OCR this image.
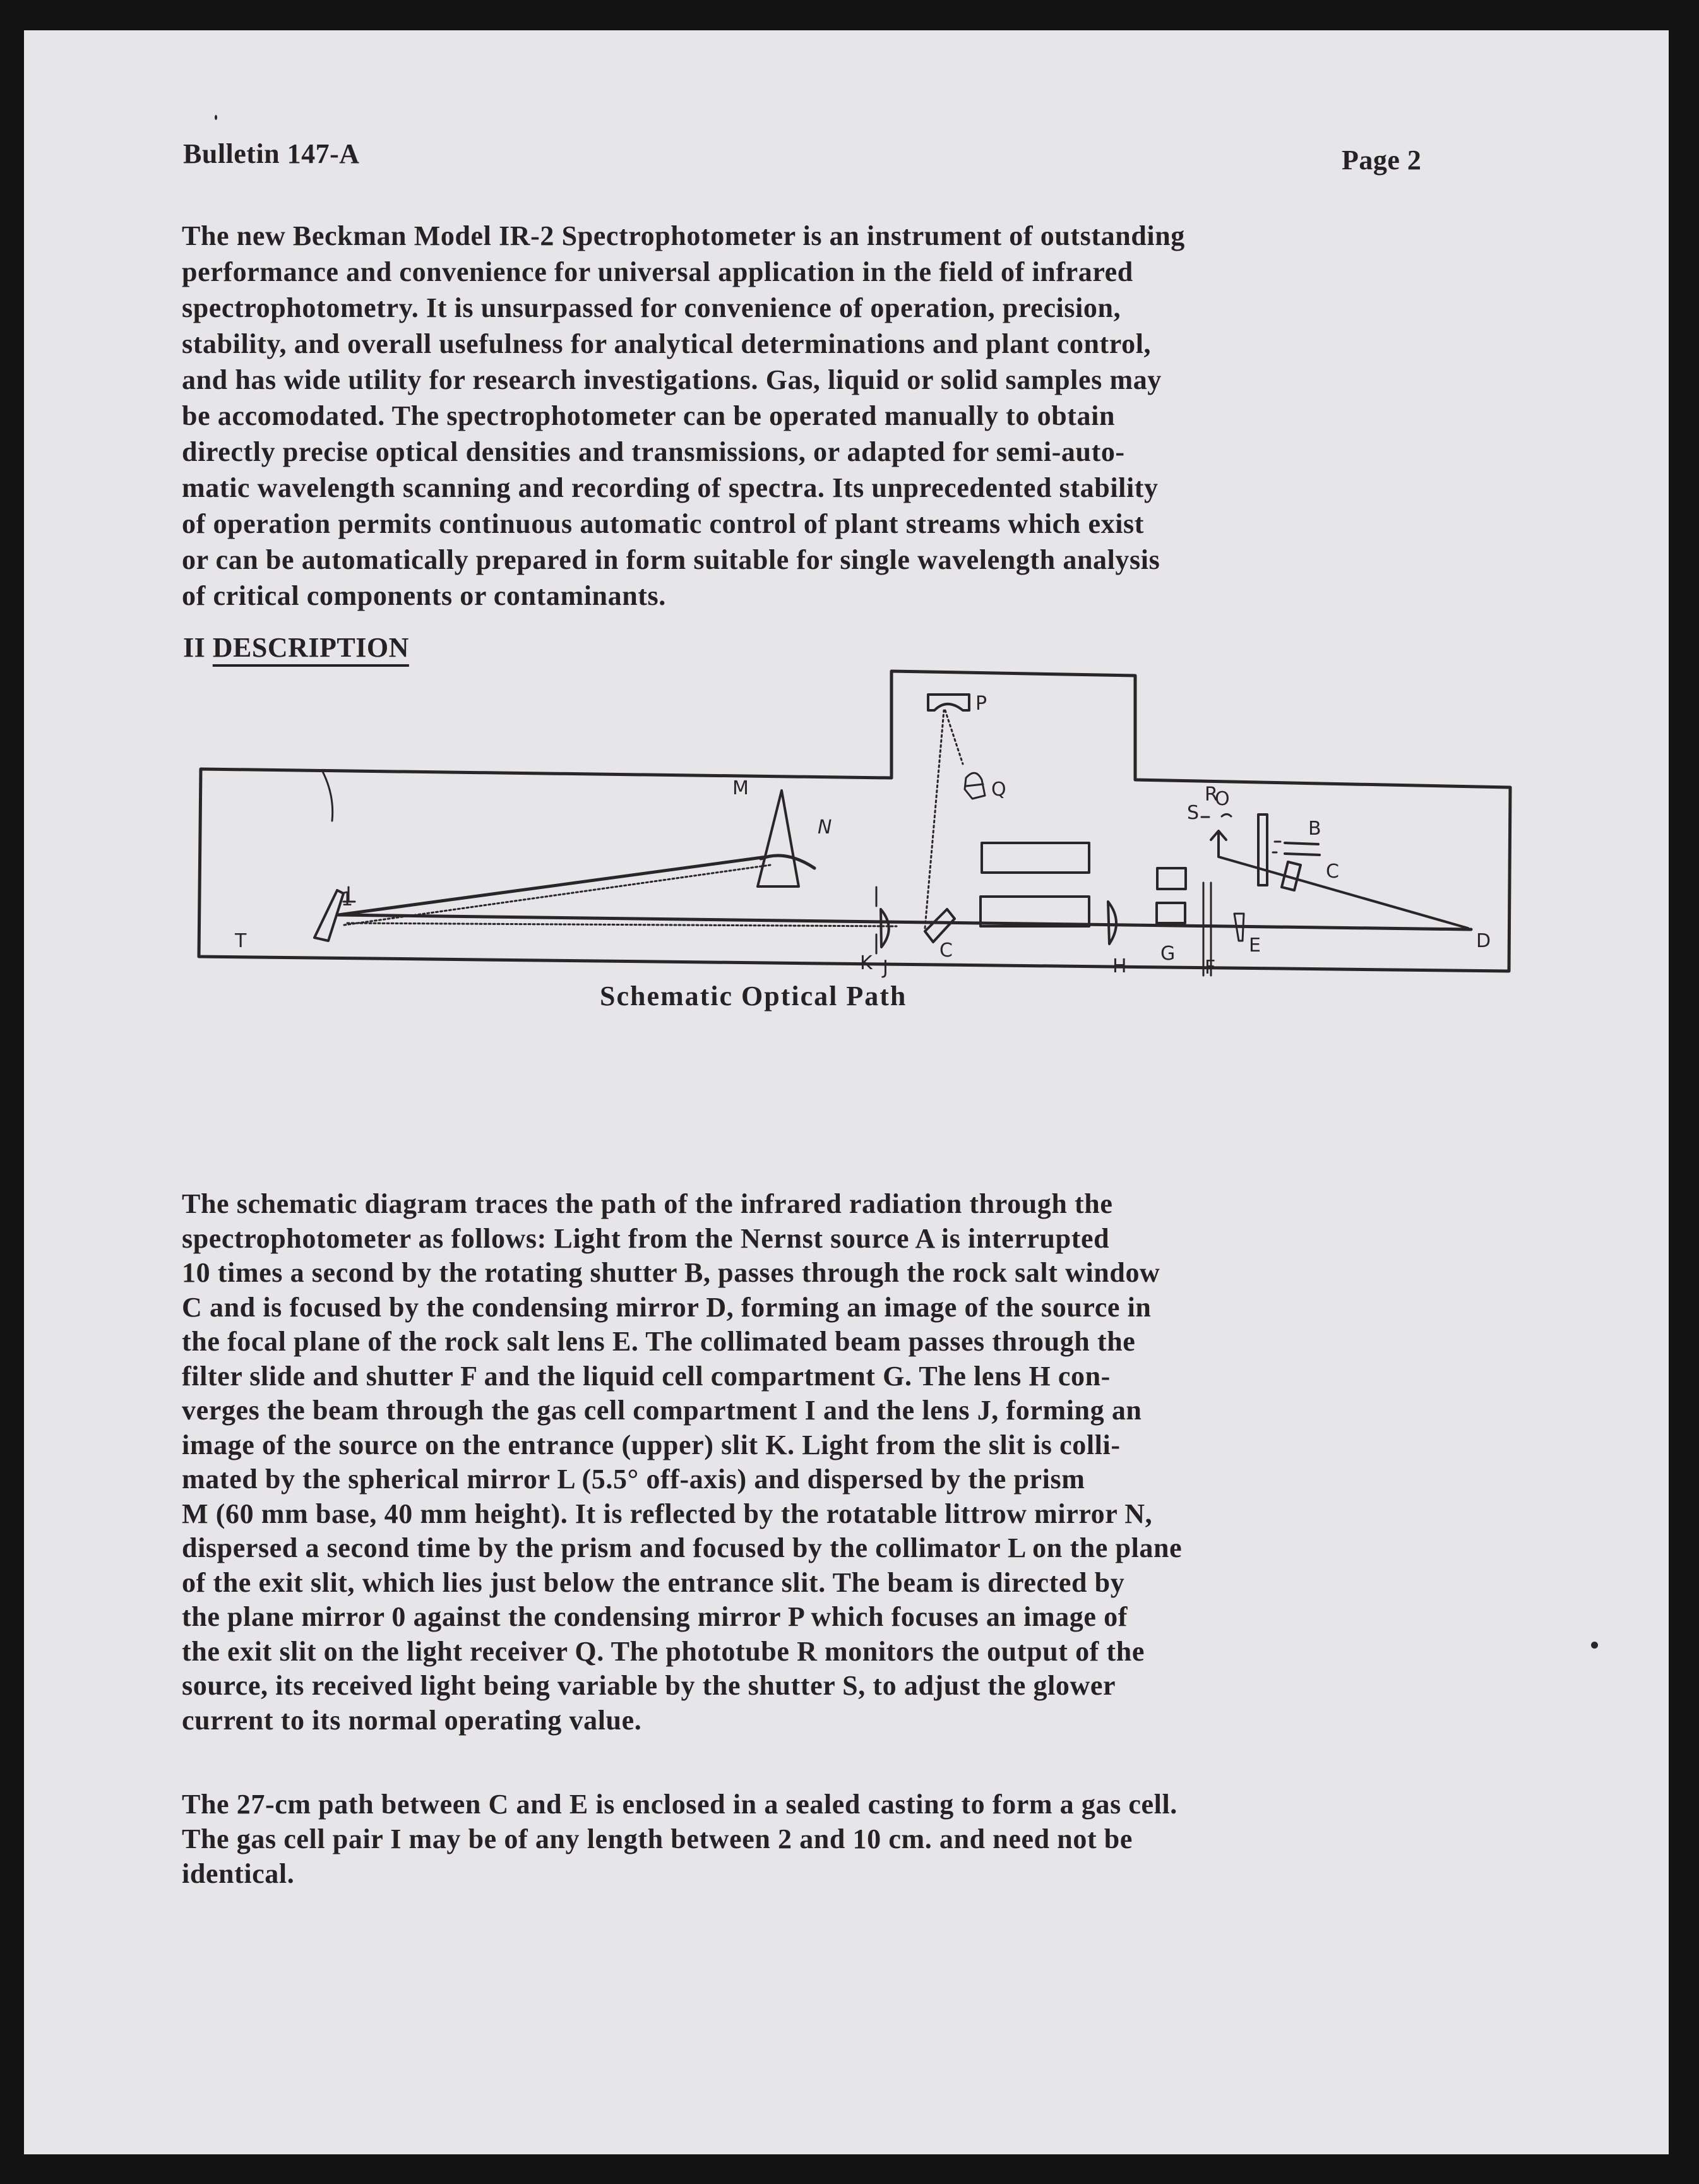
Bulletin 147-A	Page 2
The new Beckman Model IR-2 Spectrophotometer is an instrument of outstanding
performance and convenience for universal application in the field of infrared
spectrophotometry. It is unsurpassed for convenience of operation, precision,
stability, and overall usefulness for analytical determinations and plant control,
and has wide utility for research investigations. Gas, liquid or solid samples may
be accomodated. The spectrophotometer can be operated manually to obtain
directly precise optical densities and transmissions, or adapted for semi-auto-
matic wavelength scanning and recording of spectra. Its unprecedented stability
of operation permits continuous automatic control of plant streams which exist
or can be automatically prepared in form suitable for single wavelength analysis
of critical components or contaminants.
II DESCRIPTION
T
1
M
N
P
Q
K J
C
H
G
F
E	D
S
R
O
B
C
Schematic Optical Path
The schematic diagram traces the path of the infrared radiation through the
spectrophotometer as follows: Light from the Nernst source A is interrupted
10 times a second by the rotating shutter B, passes through the rock salt window
C and is focused by the condensing mirror D, forming an image of the source in
the focal plane of the rock salt lens E. The collimated beam passes through the
filter slide and shutter F and the liquid cell compartment G. The lens H con-
verges the beam through the gas cell compartment I and the lens J, forming an
image of the source on the entrance (upper) slit K. Light from the slit is colli-
mated by the spherical mirror L (5.5° off-axis) and dispersed by the prism
M (60 mm base, 40 mm height). It is reflected by the rotatable littrow mirror N,
dispersed a second time by the prism and focused by the collimator L on the plane
of the exit slit, which lies just below the entrance slit. The beam is directed by
the plane mirror 0 against the condensing mirror P which focuses an image of
the exit slit on the light receiver Q. The phototube R monitors the output of the
source, its received light being variable by the shutter S, to adjust the glower
current to its normal operating value.
The 27-cm path between C and E is enclosed in a sealed casting to form a gas cell.
The gas cell pair I may be of any length between 2 and 10 cm. and need not be
identical.
